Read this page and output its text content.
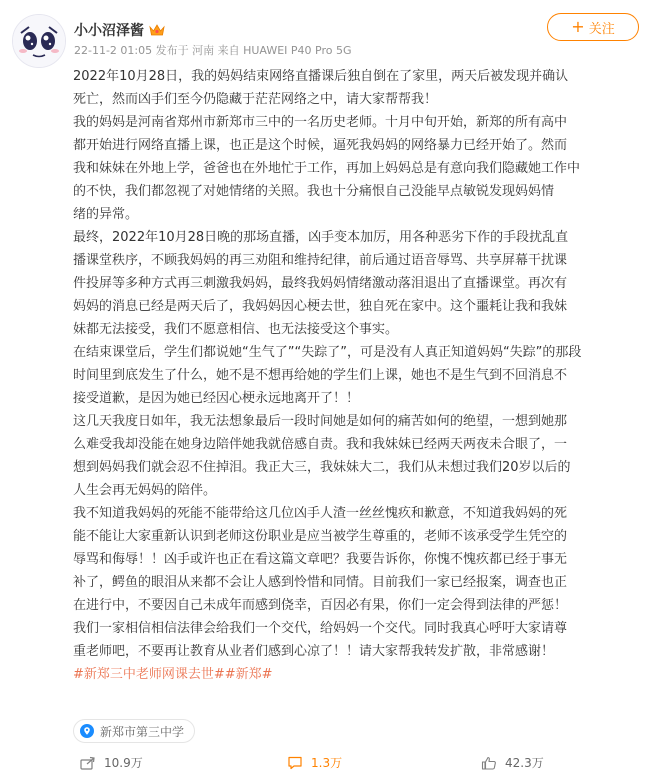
小小沼泽酱
22-11-2 01:05 发布于 河南 来自 HUAWEI P40 Pro 5G
+ 关注

2022年10月28日，我的妈妈结束网络直播课后独自倒在了家里，两天后被发现并确认

死亡，然而凶手们至今仍隐藏于茫茫网络之中，请大家帮帮我！

我的妈妈是河南省郑州市新郑市三中的一名历史老师。十月中旬开始，新郑的所有高中

都开始进行网络直播上课，也正是这个时候，逼死我妈妈的网络暴力已经开始了。然而

我和妹妹在外地上学，爸爸也在外地忙于工作，再加上妈妈总是有意向我们隐藏她工作中

的不快，我们都忽视了对她情绪的关照。我也十分痛恨自己没能早点敏锐发现妈妈情

绪的异常。

最终，2022年10月28日晚的那场直播，凶手变本加厉，用各种恶劣下作的手段扰乱直

播课堂秩序，不顾我妈妈的再三劝阻和维持纪律，前后通过语音辱骂、共享屏幕干扰课

件投屏等多种方式再三刺激我妈妈，最终我妈妈情绪激动落泪退出了直播课堂。再次有

妈妈的消息已经是两天后了，我妈妈因心梗去世，独自死在家中。这个噩耗让我和我妹

妹都无法接受，我们不愿意相信、也无法接受这个事实。

在结束课堂后，学生们都说她“生气了”“失踪了”，可是没有人真正知道妈妈“失踪”的那段

时间里到底发生了什么，她不是不想再给她的学生们上课，她也不是生气到不回消息不

接受道歉，是因为她已经因心梗永远地离开了！！

这几天我度日如年，我无法想象最后一段时间她是如何的痛苦如何的绝望，一想到她那

么难受我却没能在她身边陪伴她我就倍感自责。我和我妹妹已经两天两夜未合眼了，一

想到妈妈我们就会忍不住掉泪。我正大三，我妹妹大二，我们从未想过我们20岁以后的

人生会再无妈妈的陪伴。

我不知道我妈妈的死能不能带给这几位凶手人渣一丝丝愧疚和歉意，不知道我妈妈的死

能不能让大家重新认识到老师这份职业是应当被学生尊重的，老师不该承受学生凭空的

辱骂和侮辱！！凶手或许也正在看这篇文章吧？我要告诉你，你愧不愧疚都已经于事无

补了，鳄鱼的眼泪从来都不会让人感到怜惜和同情。目前我们一家已经报案，调查也正

在进行中，不要因自己未成年而感到侥幸，百因必有果，你们一定会得到法律的严惩！

我们一家相信相信法律会给我们一个交代，给妈妈一个交代。同时我真心呼吁大家请尊

重老师吧，不要再让教育从业者们感到心凉了！！请大家帮我转发扩散，非常感谢！

#新郑三中老师网课去世##新郑#

新郑市第三中学
10.9万	1.3万	42.3万
